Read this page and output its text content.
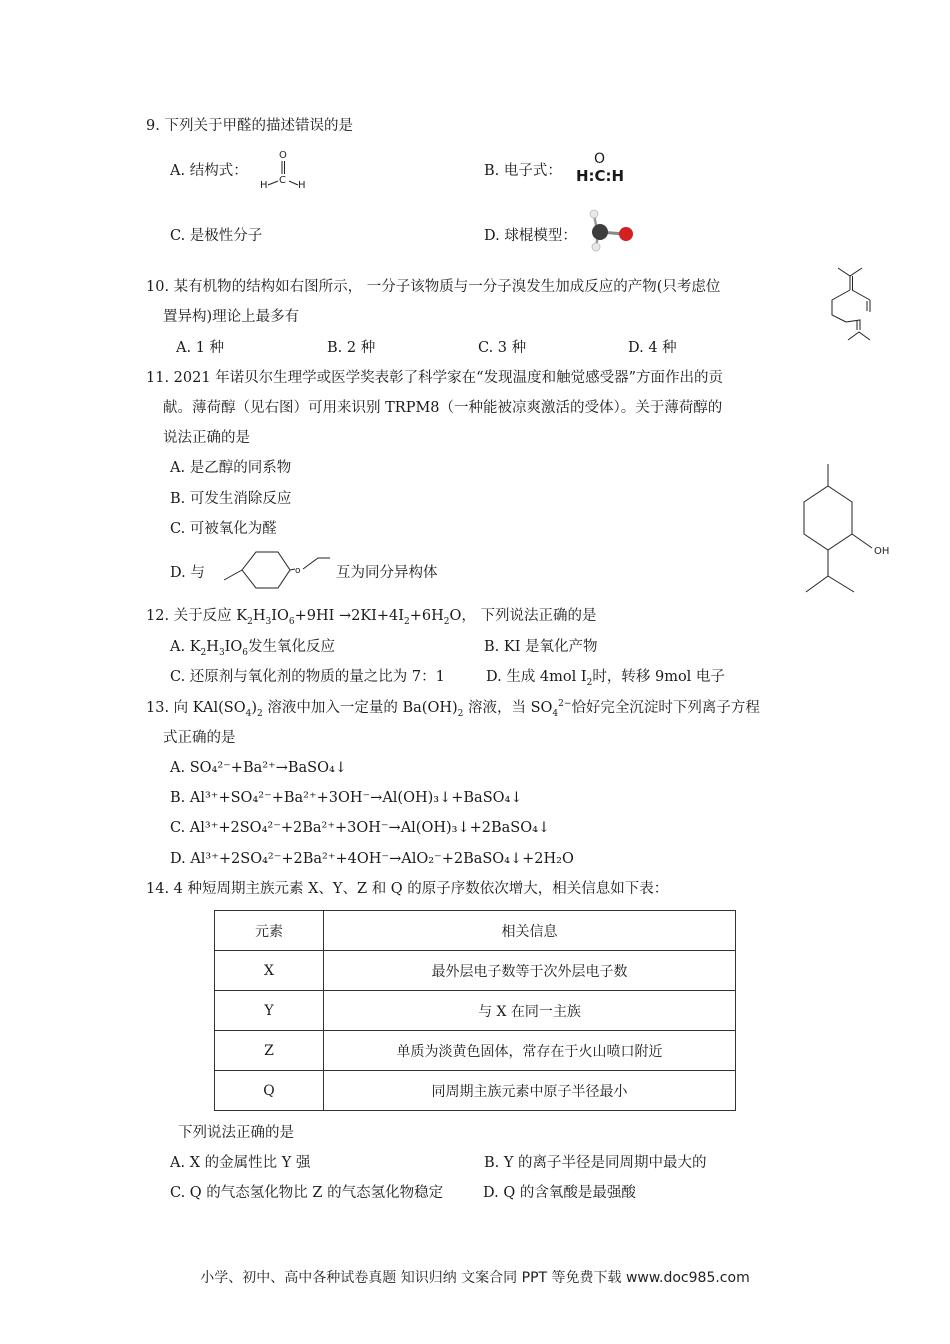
9. 下列关于甲醛的描述错误的是
A. 结构式：
O
C
H	H
B. 电子式：
O
H:C:H
C. 是极性分子	D. 球棍模型：
10. 某有机物的结构如右图所示， 一分子该物质与一分子溴发生加成反应的产物(只考虑位
置异构)理论上最多有
A. 1 种	B. 2 种	C. 3 种	D. 4 种
11. 2021 年诺贝尔生理学或医学奖表彰了科学家在“发现温度和触觉感受器”方面作出的贡
献。薄荷醇（见右图）可用来识别 TRPM8（一种能被凉爽激活的受体）。关于薄荷醇的
说法正确的是
A. 是乙醇的同系物
B. 可发生消除反应
C. 可被氧化为醛
D. 与	o 互为同分异构体
OH
12. 关于反应 $K_2H_3IO_6+9HI \to 2KI+4I_2+6H_2O$， 下列说法正确的是
A. $K_2H_3IO_6$发生氧化反应	B. KI 是氧化产物
C. 还原剂与氧化剂的物质的量之比为 7：1	D. 生成 4mol $I_2$时，转移 9mol 电子
13. 向 $KAl(SO_4)_2$ 溶液中加入一定量的 $Ba(OH)_2$ 溶液，当 $SO_4^{2-}$恰好完全沉淀时下列离子方程
式正确的是
A. SO₄²⁻+Ba²⁺→BaSO₄↓
B. Al³⁺+SO₄²⁻+Ba²⁺+3OH⁻→Al(OH)₃↓+BaSO₄↓
C. Al³⁺+2SO₄²⁻+2Ba²⁺+3OH⁻→Al(OH)₃↓+2BaSO₄↓
D. Al³⁺+2SO₄²⁻+2Ba²⁺+4OH⁻→AlO₂⁻+2BaSO₄↓+2H₂O
14. 4 种短周期主族元素 X、Y、Z 和 Q 的原子序数依次增大，相关信息如下表：
元素	相关信息
X	最外层电子数等于次外层电子数
Y	与 X 在同一主族
Z	单质为淡黄色固体，常存在于火山喷口附近
Q	同周期主族元素中原子半径最小
下列说法正确的是
A. X 的金属性比 Y 强	B. Y 的离子半径是同周期中最大的
C. Q 的气态氢化物比 Z 的气态氢化物稳定	D. Q 的含氧酸是最强酸
小学、初中、高中各种试卷真题 知识归纳 文案合同 PPT 等免费下载 www.doc985.com
